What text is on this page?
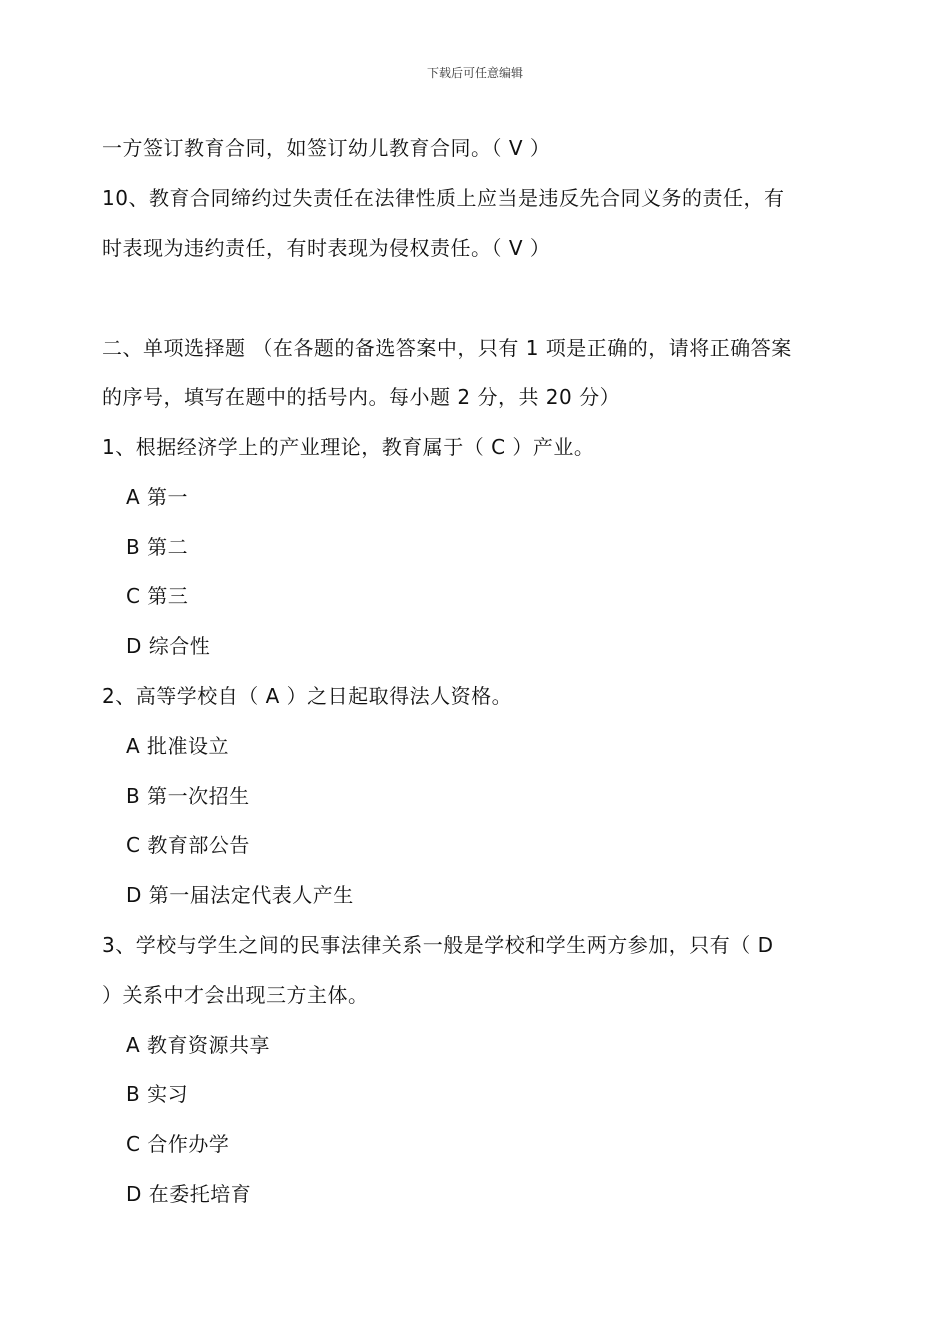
下载后可任意编辑
一方签订教育合同，如签订幼儿教育合同。（ V ）
10、教育合同缔约过失责任在法律性质上应当是违反先合同义务的责任，有
时表现为违约责任，有时表现为侵权责任。（ V ）
二、单项选择题 （在各题的备选答案中，只有 1 项是正确的，请将正确答案
的序号，填写在题中的括号内。每小题 2 分，共 20 分）
1、根据经济学上的产业理论，教育属于（ C ）产业。
A 第一
B 第二
C 第三
D 综合性
2、高等学校自（ A ）之日起取得法人资格。
A 批准设立
B 第一次招生
C 教育部公告
D 第一届法定代表人产生
3、学校与学生之间的民事法律关系一般是学校和学生两方参加，只有（ D
）关系中才会出现三方主体。
A 教育资源共享
B 实习
C 合作办学
D 在委托培育
